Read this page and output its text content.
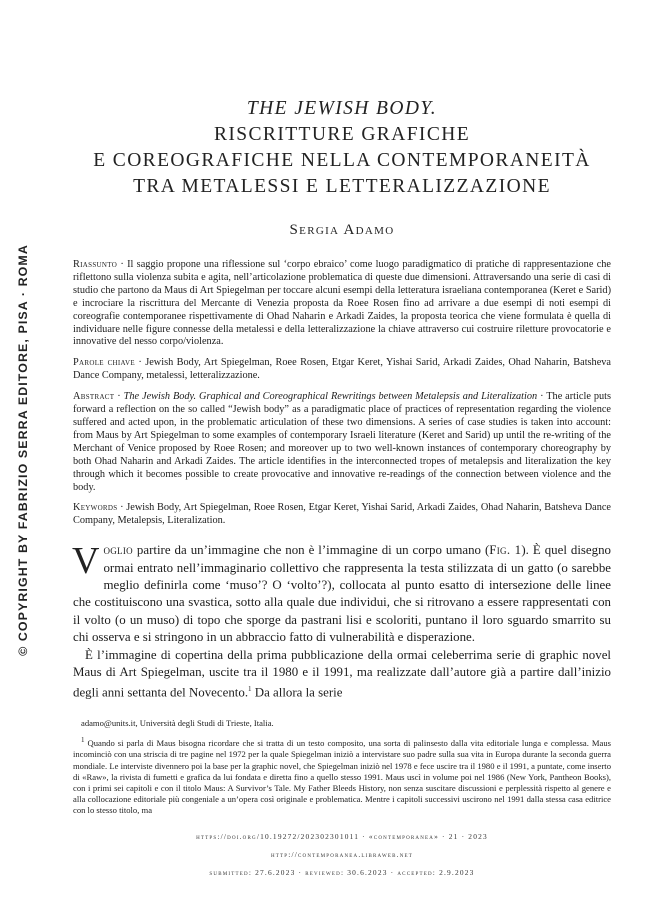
© COPYRIGHT BY FABRIZIO SERRA EDITORE, PISA · ROMA
THE JEWISH BODY.
RISCRITTURE GRAFICHE
E COREOGRAFICHE NELLA CONTEMPORANEITÀ
TRA METALESSI E LETTERALIZZAZIONE
Sergia Adamo

Riassunto · Il saggio propone una riflessione sul ‘corpo ebraico’ come luogo paradigmatico di pratiche di rappresentazione che riflettono sulla violenza subita e agita, nell’articolazione problematica di queste due dimensioni. Attraversando una serie di casi di studio che partono da Maus di Art Spiegelman per toccare alcuni esempi della letteratura israeliana contemporanea (Keret e Sarid) e incrociare la riscrittura del Mercante di Venezia proposta da Roee Rosen fino ad arrivare a due esempi di noti esempi di coreografie contemporanee rispettivamente di Ohad Naharin e Arkadi Zaides, la proposta teorica che viene formulata è quella di individuare nelle figure connesse della metalessi e della letteralizzazione la chiave attraverso cui costruire riletture provocatorie e innovative del nesso corpo/violenza.

Parole chiave · Jewish Body, Art Spiegelman, Roee Rosen, Etgar Keret, Yishai Sarid, Arkadi Zaides, Ohad Naharin, Batsheva Dance Company, metalessi, letteralizzazione.

Abstract · The Jewish Body. Graphical and Coreographical Rewritings between Metalepsis and Literalization · The article puts forward a reflection on the so called “Jewish body” as a paradigmatic place of practices of representation regarding the violence suffered and acted upon, in the problematic articulation of these two dimensions. A series of case studies is taken into account: from Maus by Art Spiegelman to some examples of contemporary Israeli literature (Keret and Sarid) up until the re-writing of the Merchant of Venice proposed by Roee Rosen; and moreover up to two well-known instances of contemporary choreography by both Ohad Naharin and Arkadi Zaides. The article identifies in the interconnected tropes of metalepsis and literalization the key through which it becomes possible to create provocative and innovative re-readings of the connection between violence and the body.

Keywords · Jewish Body, Art Spiegelman, Roee Rosen, Etgar Keret, Yishai Sarid, Arkadi Zaides, Ohad Naharin, Batsheva Dance Company, Metalepsis, Literalization.

Voglio partire da un’immagine che non è l’immagine di un corpo umano (Fig. 1). È quel disegno ormai entrato nell’immaginario collettivo che rappresenta la testa stilizzata di un gatto (o sarebbe meglio definirla come ‘muso’? O ‘volto’?), collocata al punto esatto di intersezione delle linee che costituiscono una svastica, sotto alla quale due individui, che si ritrovano a essere rappresentati con il volto (o un muso) di topo che sporge da pastrani lisi e scoloriti, puntano il loro sguardo smarrito su chi osserva e si stringono in un abbraccio fatto di vulnerabilità e disperazione.

È l’immagine di copertina della prima pubblicazione della ormai celeberrima serie di graphic novel Maus di Art Spiegelman, uscite tra il 1980 e il 1991, ma realizzate dall’autore già a partire dall’inizio degli anni settanta del Novecento.$^1$ Da allora la serie

adamo@units.it, Università degli Studi di Trieste, Italia.

$^1$ Quando si parla di Maus bisogna ricordare che si tratta di un testo composito, una sorta di palinsesto dalla vita editoriale lunga e complessa. Maus incominciò con una striscia di tre pagine nel 1972 per la quale Spiegelman iniziò a intervistare suo padre sulla sua vita in Europa durante la seconda guerra mondiale. Le interviste divennero poi la base per la graphic novel, che Spiegelman iniziò nel 1978 e fece uscire tra il 1980 e il 1991, a puntate, come inserto di «Raw», la rivista di fumetti e grafica da lui fondata e diretta fino a quello stesso 1991. Maus uscì in volume poi nel 1986 (New York, Pantheon Books), con i primi sei capitoli e con il titolo Maus: A Survivor’s Tale. My Father Bleeds History, non senza suscitare discussioni e perplessità rispetto al genere e alla collocazione editoriale più congeniale a un’opera così originale e problematica. Mentre i capitoli successivi uscirono nel 1991 dalla stessa casa editrice con lo stesso titolo, ma

https://doi.org/10.19272/202302301011 · «contemporanea» · 21 · 2023
http://contemporanea.libraweb.net
submitted: 27.6.2023 · reviewed: 30.6.2023 · accepted: 2.9.2023
